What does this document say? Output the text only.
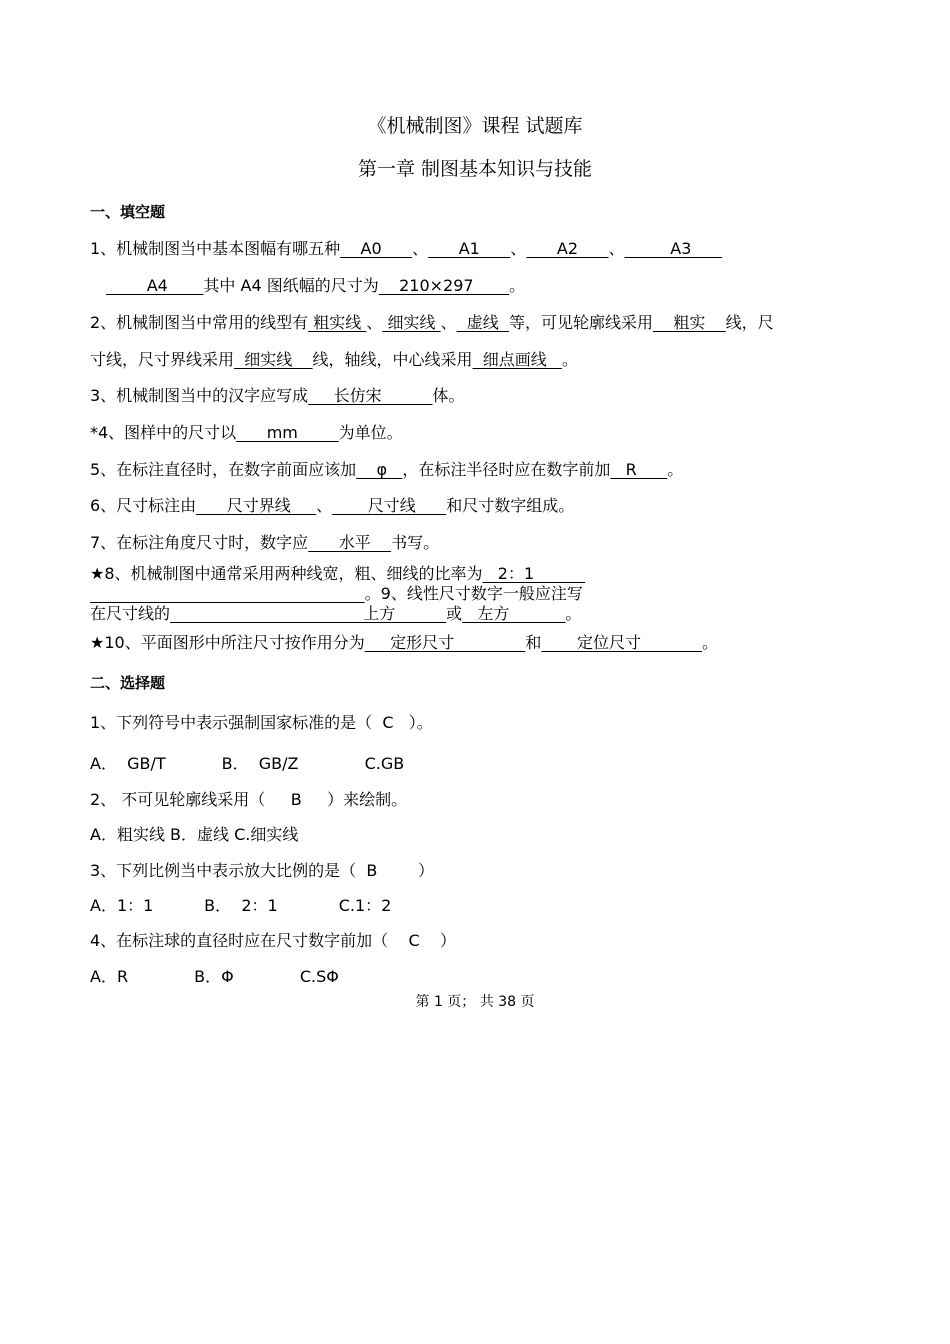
《机械制图》课程 试题库
第一章 制图基本知识与技能
一、填空题
1、机械制图当中基本图幅有哪五种    A0      、      A1      、      A2      、         A3
A4       其中 A4 图纸幅的尺寸为    210×297       。
2、机械制图当中常用的线型有 粗实线 、 细实线 、  虚线  等，可见轮廓线采用    粗实    线，尺
寸线，尺寸界线采用  细实线    线，轴线，中心线采用  细点画线   。
3、机械制图当中的汉字应写成     长仿宋          体。
*4、图样中的尺寸以      mm        为单位。
5、在标注直径时，在数字前面应该加    φ   ，在标注半径时应在数字前加   R      。
6、尺寸标注由      尺寸界线     、       尺寸线      和尺寸数字组成。
7、在标注角度尺寸时，数字应      水平    书写。
★8、机械制图中通常采用两种线宽，粗、细线的比率为   2：1
。9、线性尺寸数字一般应注写
在尺寸线的                                      上方          或   左方           。
★10、平面图形中所注尺寸按作用分为     定形尺寸              和       定位尺寸            。
二、选择题
1、下列符号中表示强制国家标准的是（  C   ）。
A．  GB/T           B．  GB/Z             C.GB
2、 不可见轮廓线采用（     B     ）来绘制。
A．粗实线 B．虚线 C.细实线
3、下列比例当中表示放大比例的是（  B        ）
A．1：1          B．  2：1            C.1：2
4、在标注球的直径时应在尺寸数字前加（    C    ）
A．R             B．Φ             C.SΦ
第 1 页； 共 38 页
